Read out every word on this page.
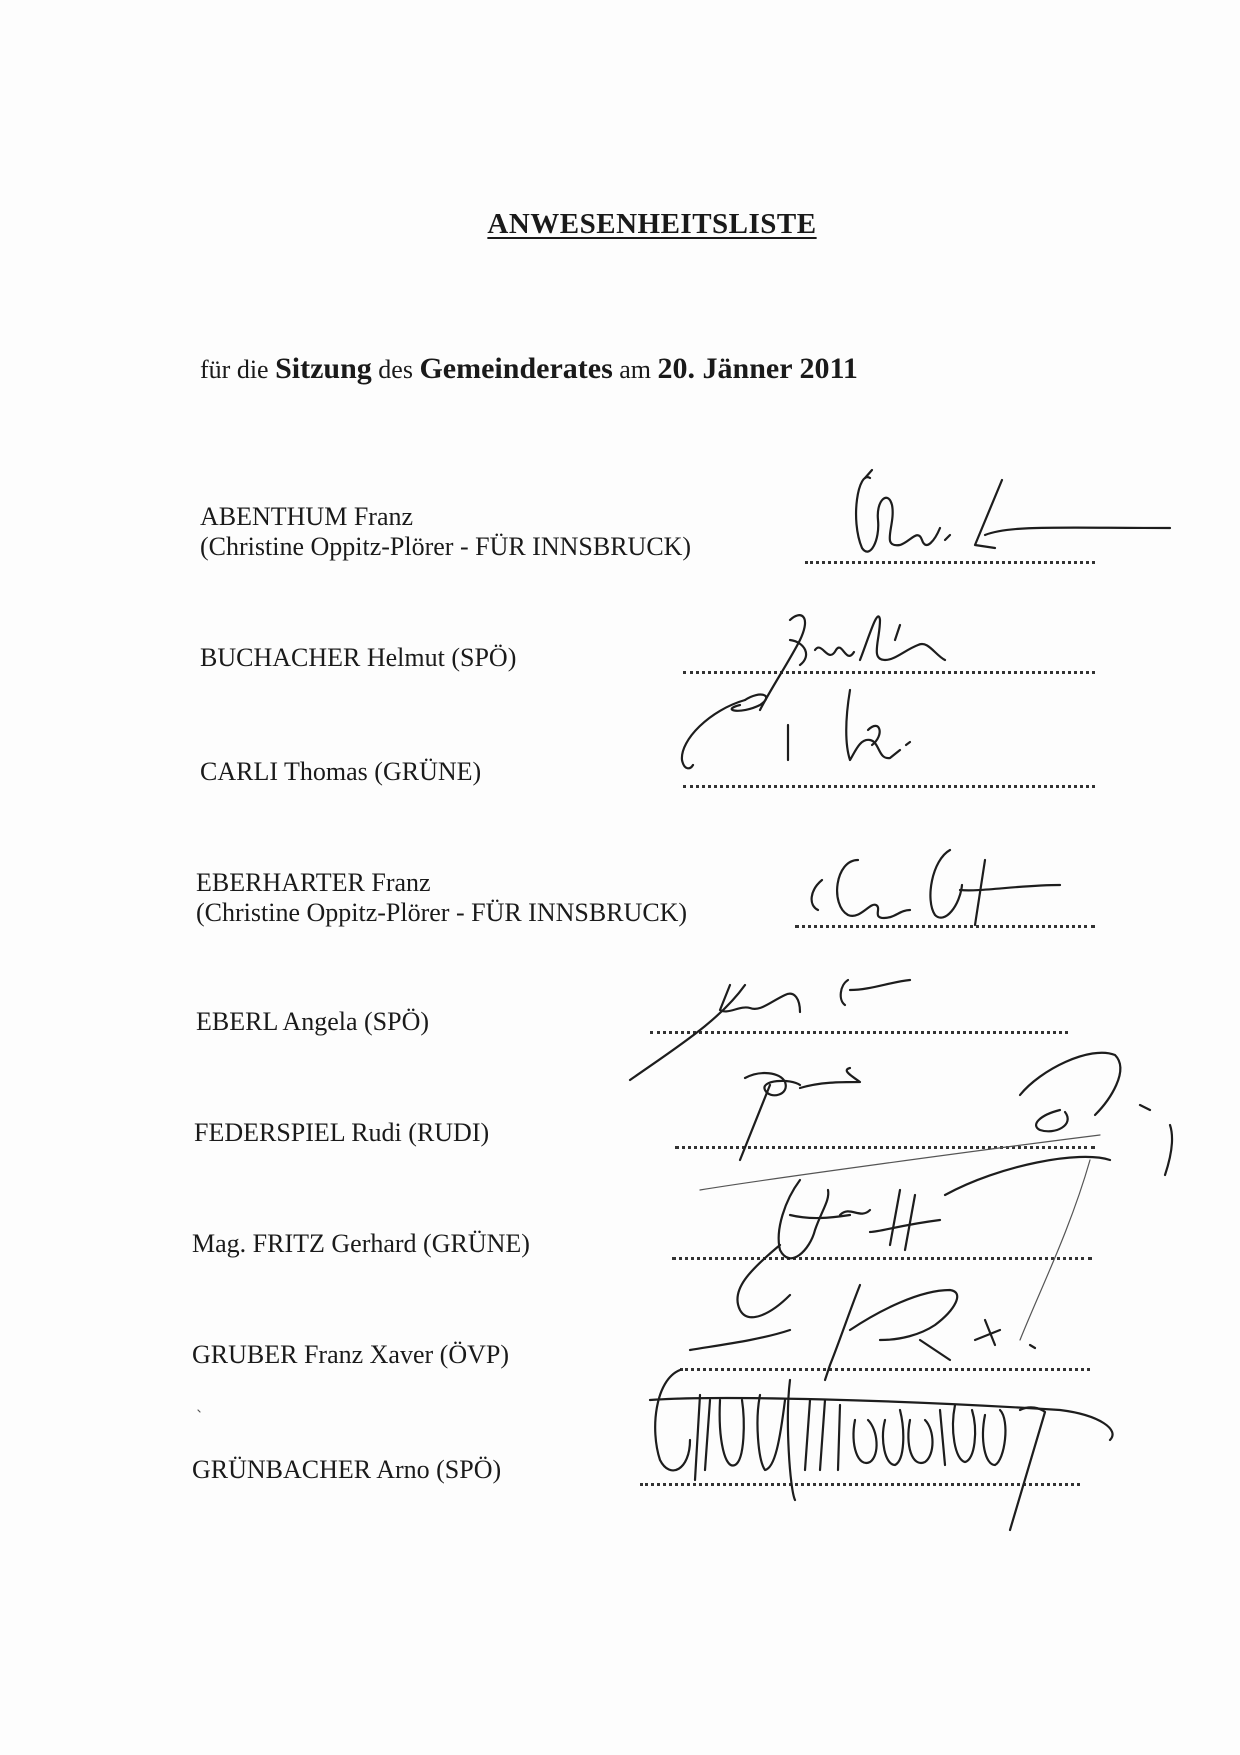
ANWESENHEITSLISTE
für die Sitzung des Gemeinderates am 20. Jänner 2011
ABENTHUM Franz
(Christine Oppitz-Plörer - FÜR INNSBRUCK)
BUCHACHER Helmut (SPÖ)
CARLI Thomas (GRÜNE)
EBERHARTER Franz
(Christine Oppitz-Plörer - FÜR INNSBRUCK)
EBERL Angela (SPÖ)
FEDERSPIEL Rudi (RUDI)
Mag. FRITZ Gerhard (GRÜNE)
GRUBER Franz Xaver (ÖVP)
GRÜNBACHER Arno (SPÖ)
